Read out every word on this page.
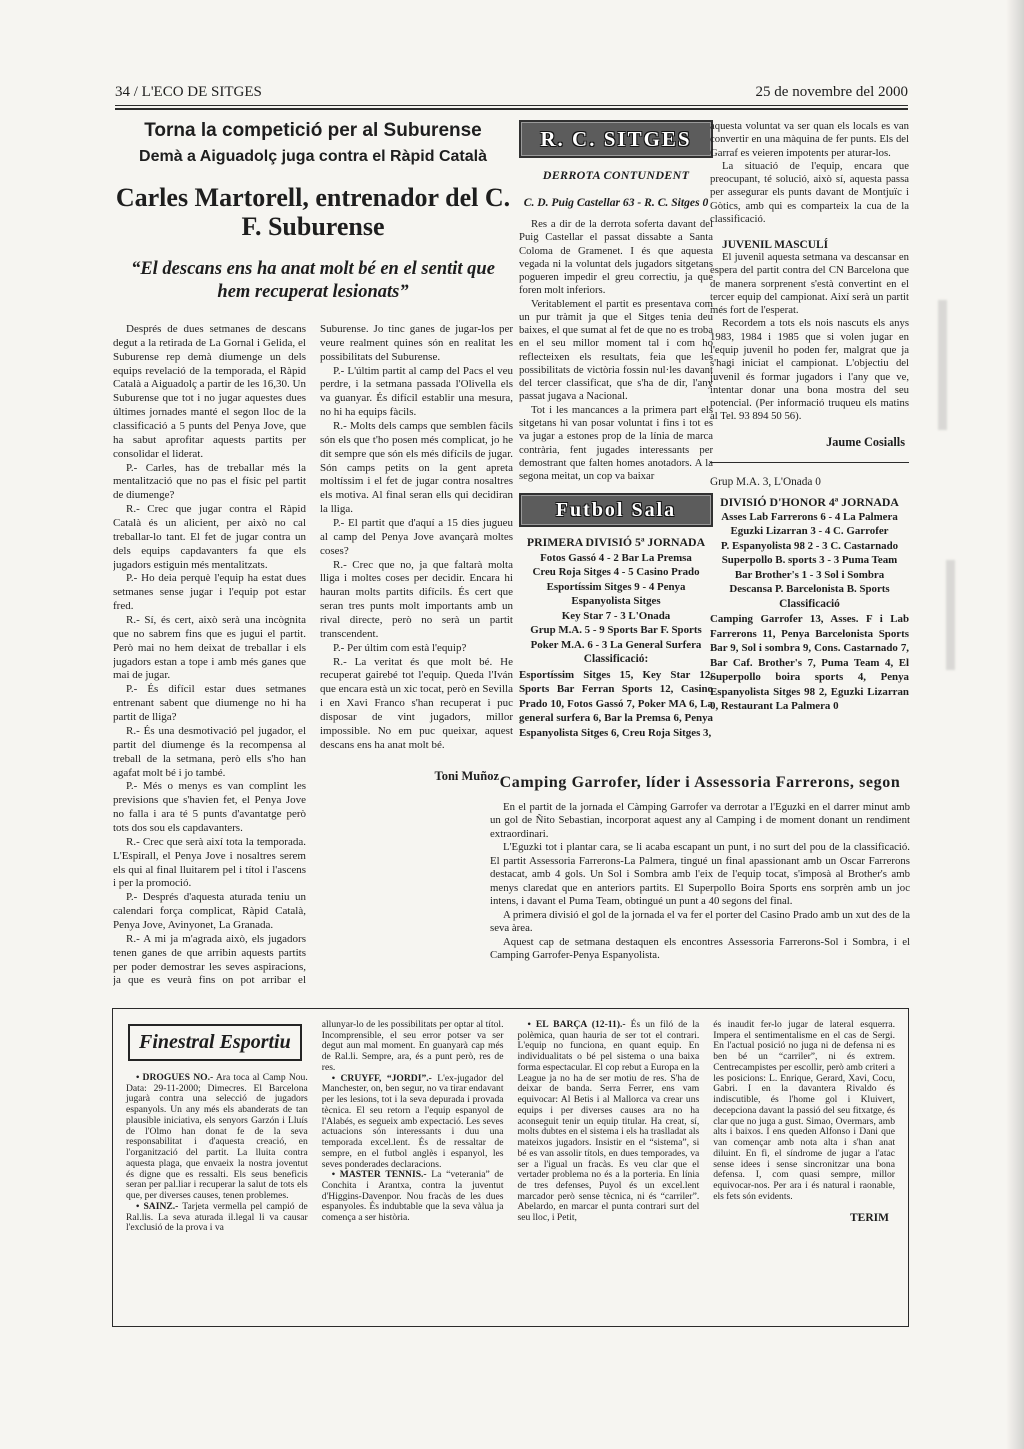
34 / L'ECO DE SITGES	25 de novembre del 2000
Torna la competició per al Suburense
Demà a Aiguadolç juga contra el Ràpid Català
Carles Martorell, entrenador del C. F. Suburense
“El descans ens ha anat molt bé en el sentit que hem recuperat lesionats”

Després de dues setmanes de descans degut a la retirada de La Gornal i Gelida, el Suburense rep demà diumenge un dels equips revelació de la temporada, el Ràpid Català a Aiguadolç a partir de les 16,30. Un Suburense que tot i no jugar aquestes dues últimes jornades manté el segon lloc de la classificació a 5 punts del Penya Jove, que ha sabut aprofitar aquests partits per consolidar el liderat.

P.- Carles, has de treballar més la mentalització que no pas el físic pel partit de diumenge?

R.- Crec que jugar contra el Ràpid Català és un alicient, per això no cal treballar-lo tant. El fet de jugar contra un dels equips capdavanters fa que els jugadors estiguin més mentalitzats.

P.- Ho deia perquè l'equip ha estat dues setmanes sense jugar i l'equip pot estar fred.

R.- Sí, és cert, això serà una incògnita que no sabrem fins que es jugui el partit. Però mai no hem deixat de treballar i els jugadors estan a tope i amb més ganes que mai de jugar.

P.- És difícil estar dues setmanes entrenant sabent que diumenge no hi ha partit de lliga?

R.- És una desmotivació pel jugador, el partit del diumenge és la recompensa al treball de la setmana, però ells s'ho han agafat molt bé i jo també.

P.- Més o menys es van complint les previsions que s'havien fet, el Penya Jove no falla i ara té 5 punts d'avantatge però tots dos sou els capdavanters.

R.- Crec que serà així tota la temporada. L'Espirall, el Penya Jove i nosaltres serem els qui al final lluitarem pel i títol i l'ascens i per la promoció.

P.- Després d'aquesta aturada teniu un calendari força complicat, Ràpid Català, Penya Jove, Avinyonet, La Granada.

R.- A mi ja m'agrada això, els jugadors tenen ganes de que arribin aquests partits per poder demostrar les seves aspiracions, ja que es veurà fins on pot arribar el Suburense. Jo tinc ganes de jugar-los per veure realment quines són en realitat les possibilitats del Suburense.

P.- L'últim partit al camp del Pacs el veu perdre, i la setmana passada l'Olivella els va guanyar. És difícil establir una mesura, no hi ha equips fàcils.

R.- Molts dels camps que semblen fàcils són els que t'ho posen més complicat, jo he dit sempre que són els més difícils de jugar. Són camps petits on la gent apreta moltíssim i el fet de jugar contra nosaltres els motiva. Al final seran ells qui decidiran la lliga.

P.- El partit que d'aquí a 15 dies jugueu al camp del Penya Jove avançarà moltes coses?

R.- Crec que no, ja que faltarà molta lliga i moltes coses per decidir. Encara hi hauran molts partits difícils. És cert que seran tres punts molt importants amb un rival directe, però no serà un partit transcendent.

P.- Per últim com està l'equip?

R.- La veritat és que molt bé. He recuperat gairebé tot l'equip. Queda l'Iván que encara està un xic tocat, però en Sevilla i en Xavi Franco s'han recuperat i puc disposar de vint jugadors, millor impossible. No em puc queixar, aquest descans ens ha anat molt bé.

Toni Muñoz
R. C. SITGES
DERROTA CONTUNDENT
C. D. Puig Castellar 63 - R. C. Sitges 0

Res a dir de la derrota soferta davant del Puig Castellar el passat dissabte a Santa Coloma de Gramenet. I és que aquesta vegada ni la voluntat dels jugadors sitgetans pogueren impedir el greu correctiu, ja que foren molt inferiors.

Veritablement el partit es presentava com un pur tràmit ja que el Sitges tenia deu baixes, el que sumat al fet de que no es troba en el seu millor moment tal i com ho reflecteixen els resultats, feia que les possibilitats de victòria fossin nul·les davant del tercer classificat, que s'ha de dir, l'any passat jugava a Nacional.

Tot i les mancances a la primera part els sitgetans hi van posar voluntat i fins i tot es va jugar a estones prop de la línia de marca contrària, fent jugades interessants per demostrant que falten homes anotadors. A la segona meitat, un cop va baixar

Futbol Sala
PRIMERA DIVISIÓ 5ª JORNADA
Fotos Gassó 4 - 2 Bar La Premsa
Creu Roja Sitges 4 - 5 Casino Prado
Esportíssim Sitges 9 - 4 Penya Espanyolista Sitges
Key Star 7 - 3 L'Onada
Grup M.A. 5 - 9 Sports Bar F. Sports
Poker M.A. 6 - 3 La General Surfera
Classificació:

Esportíssim Sitges 15, Key Star 12, Sports Bar Ferran Sports 12, Casino Prado 10, Fotos Gassó 7, Poker MA 6, La general surfera 6, Bar la Premsa 6, Penya Espanyolista Sitges 6, Creu Roja Sitges 3,

aquesta voluntat va ser quan els locals es van convertir en una màquina de fer punts. Els del Garraf es veieren impotents per aturar-los.

La situació de l'equip, encara que preocupant, té solució, això sí, aquesta passa per assegurar els punts davant de Montjuïc i Gòtics, amb qui es comparteix la cua de la classificació.

JUVENIL MASCULÍ

El juvenil aquesta setmana va descansar en espera del partit contra del CN Barcelona que de manera sorprenent s'està convertint en el tercer equip del campionat. Així serà un partit més fort de l'esperat.

Recordem a tots els nois nascuts els anys 1983, 1984 i 1985 que si volen jugar en l'equip juvenil ho poden fer, malgrat que ja s'hagi iniciat el campionat. L'objectiu del juvenil és formar jugadors i l'any que ve, intentar donar una bona mostra del seu potencial. (Per informació truqueu els matins al Tel. 93 894 50 56).

Jaume Cosialls
Grup M.A. 3, L'Onada 0
DIVISIÓ D'HONOR 4ª JORNADA
Asses Lab Farrerons 6 - 4 La Palmera
Eguzki Lizarran 3 - 4 C. Garrofer
P. Espanyolista 98 2 - 3 C. Castarnado
Superpollo B. sports 3 - 3 Puma Team
Bar Brother's 1 - 3 Sol i Sombra
Descansa P. Barcelonista B. Sports
Classificació

Camping Garrofer 13, Asses. F i Lab Farrerons 11, Penya Barcelonista Sports Bar 9, Sol i sombra 9, Cons. Castarnado 7, Bar Caf. Brother's 7, Puma Team 4, El Superpollo boira sports 4, Penya Espanyolista Sitges 98 2, Eguzki Lizarran 0, Restaurant La Palmera 0

Camping Garrofer, líder i Assessoria Farrerons, segon

En el partit de la jornada el Càmping Garrofer va derrotar a l'Eguzki en el darrer minut amb un gol de Ñito Sebastian, incorporat aquest any al Camping i de moment donant un rendiment extraordinari.

L'Eguzki tot i plantar cara, se li acaba escapant un punt, i no surt del pou de la classificació. El partit Assessoria Farrerons-La Palmera, tingué un final apassionant amb un Oscar Farrerons destacat, amb 4 gols. Un Sol i Sombra amb l'eix de l'equip tocat, s'imposà al Brother's amb menys claredat que en anteriors partits. El Superpollo Boira Sports ens sorprèn amb un joc intens, i davant el Puma Team, obtingué un punt a 40 segons del final.

A primera divisió el gol de la jornada el va fer el porter del Casino Prado amb un xut des de la seva àrea.

Aquest cap de setmana destaquen els encontres Assessoria Farrerons-Sol i Sombra, i el Camping Garrofer-Penya Espanyolista.

Finestral Esportiu

• DROGUES NO.- Ara toca al Camp Nou. Data: 29-11-2000; Dimecres. El Barcelona jugarà contra una selecció de jugadors espanyols. Un any més els abanderats de tan plausible iniciativa, els senyors Garzón i Lluís de l'Olmo han donat fe de la seva responsabilitat i d'aquesta creació, en l'organització del partit. La lluita contra aquesta plaga, que envaeix la nostra joventut és digne que es ressalti. Els seus beneficis seran per pal.liar i recuperar la salut de tots els que, per diverses causes, tenen problemes.

• SAINZ.- Tarjeta vermella pel campió de Ral.lis. La seva aturada il.legal li va causar l'exclusió de la prova i va

allunyar-lo de les possibilitats per optar al títol. Incomprensible, el seu error potser va ser degut aun mal moment. En guanyarà cap més de Ral.li. Sempre, ara, és a punt però, res de res.

• CRUYFF, “JORDI”.- L'ex-jugador del Manchester, on, ben segur, no va tirar endavant per les lesions, tot i la seva depurada i provada tècnica. El seu retorn a l'equip espanyol de l'Alabés, es segueix amb expectació. Les seves actuacions són interessants i duu una temporada excel.lent. És de ressaltar de sempre, en el futbol anglès i espanyol, les seves ponderades declaracions.

• MASTER TENNIS.- La “veterania” de Conchita i Arantxa, contra la juventut d'Higgins-Davenpor. Nou fracàs de les dues espanyoles. És indubtable que la seva vàlua ja comença a ser història.

• EL BARÇA (12-11).- És un filó de la polèmica, quan hauria de ser tot el contrari. L'equip no funciona, en quant equip. En individualitats o bé pel sistema o una baixa forma espectacular. El cop rebut a Europa en la League ja no ha de ser motiu de res. S'ha de deixar de banda. Serra Ferrer, ens vam equivocar: Al Betis i al Mallorca va crear uns equips i per diverses causes ara no ha aconseguit tenir un equip titular. Ha creat, sí, molts dubtes en el sistema i els ha traslladat als mateixos jugadors. Insistir en el “sistema”, si bé es van assolir títols, en dues temporades, va ser a l'igual un fracàs. Es veu clar que el vertader problema no és a la porteria. En línia de tres defenses, Puyol és un excel.lent marcador però sense tècnica, ni és “carriler”. Abelardo, en marcar el punta contrari surt del seu lloc, i Petit,

és inaudit fer-lo jugar de lateral esquerra. Impera el sentimentalisme en el cas de Sergi. En l'actual posició no juga ni de defensa ni es ben bé un “carriler”, ni és extrem. Centrecampistes per escollir, però amb criteri a les posicions: L. Enrique, Gerard, Xavi, Cocu, Gabri. I en la davantera Rivaldo és indiscutible, és l'home gol i Kluivert, decepciona davant la passió del seu fitxatge, és clar que no juga a gust. Simao, Overmars, amb alts i baixos. I ens queden Alfonso i Dani que van començar amb nota alta i s'han anat diluint. En fi, el síndrome de jugar a l'atac sense idees i sense sincronitzar una bona defensa. I, com quasi sempre, millor equivocar-nos. Per ara i és natural i raonable, els fets són evidents.

TERIM
